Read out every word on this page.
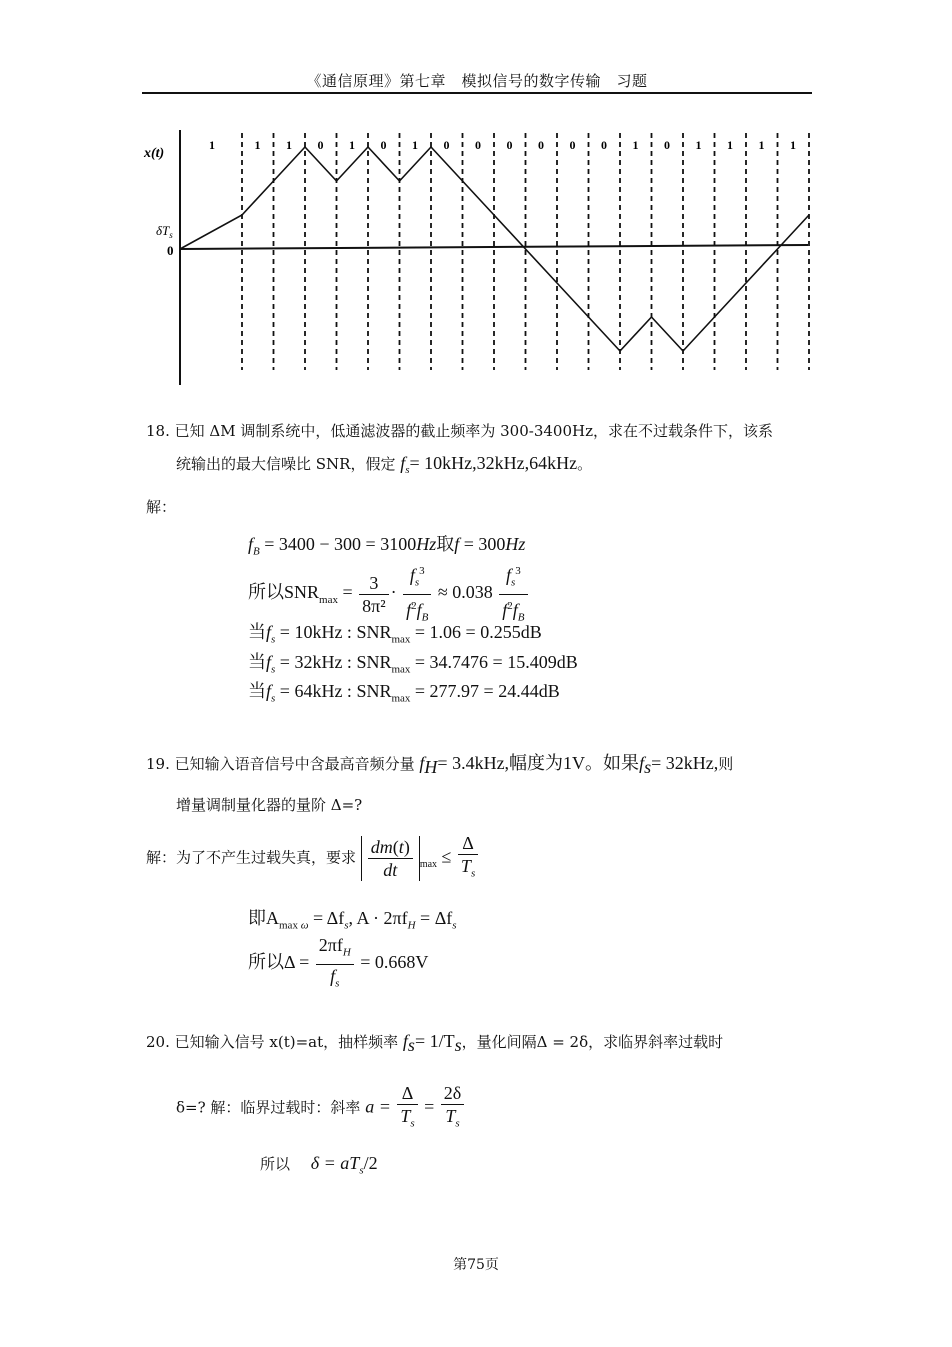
《通信原理》第七章　模拟信号的数字传输　习题
1	1 1 0 1 0 1 0 0 0 0 0 0 1 0 1 1 1 1
x(t)
$\delta T_s$
0
18. 已知 ΔM 调制系统中，低通滤波器的截止频率为 300-3400Hz，求在不过载条件下，该系
统输出的最大信噪比 SNR，假定 $f_s= 10kHz,32kHz,64kHz$。
解：
$f_B = 3400 - 300 = 3100Hz$取f = 300Hz
所以$SNR_{max} = \frac{3}{\text{8π²}} \cdot \frac{f_s^3}{f^2f_B} \approx 0.038 \frac{f_s^3}{f^2f_B}$
当$f_s = 10kHz$ : $SNR_{max} = 1.06 = 0.255dB$
当$f_s = 32kHz$ : $SNR_{max} = 34.7476 = 15.409dB$
当$f_s = 64kHz$ : $SNR_{max} = 277.97 = 24.44dB$
19. 已知输入语音信号中含最高音频分量 $f_H= 3.4kHz$,幅度为1V。如果$f_s= 32kHz$,则
增量调制量化器的量阶 Δ=?
解：为了不产生过载失真，要求 $\frac{dm(t)}{dt} _{max} \le \frac{\Delta}{T_s}$
即$A_{max \omega} = \Delta f_s$, $A \cdot 2\pi f_H = \Delta f_s$
所以$\Delta = \frac{2\pi f_H}{f_s} = 0.668V$
20. 已知输入信号 x(t)=at，抽样频率 $f_s= 1/T_s$，量化间隔Δ = 2δ，求临界斜率过载时
δ=? 解：临界过载时：斜率 $a = \frac{\Delta}{T_s} = \frac{2\delta}{T_s}$
所以 $\delta = aT_s/2$
第75页
